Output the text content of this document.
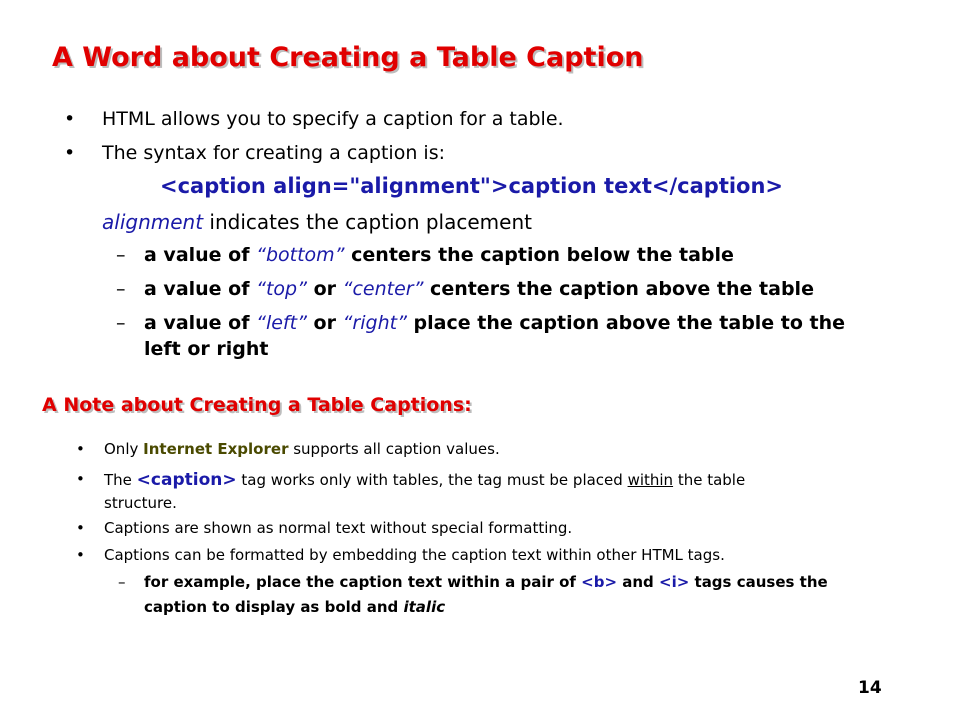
A Word about Creating a Table Caption
• HTML allows you to specify a caption for a table.
• The syntax for creating a caption is:
<caption align="alignment">caption text</caption>
alignment indicates the caption placement
– a value of “bottom” centers the caption below the table
– a value of “top” or “center” centers the caption above the table
– a value of “left” or “right” place the caption above the table to the
left or right
A Note about Creating a Table Captions:
• Only Internet Explorer supports all caption values.
• The <caption> tag works only with tables, the tag must be placed within the table
structure.
• Captions are shown as normal text without special formatting.
• Captions can be formatted by embedding the caption text within other HTML tags.
– for example, place the caption text within a pair of <b> and <i> tags causes the
caption to display as bold and italic
14
